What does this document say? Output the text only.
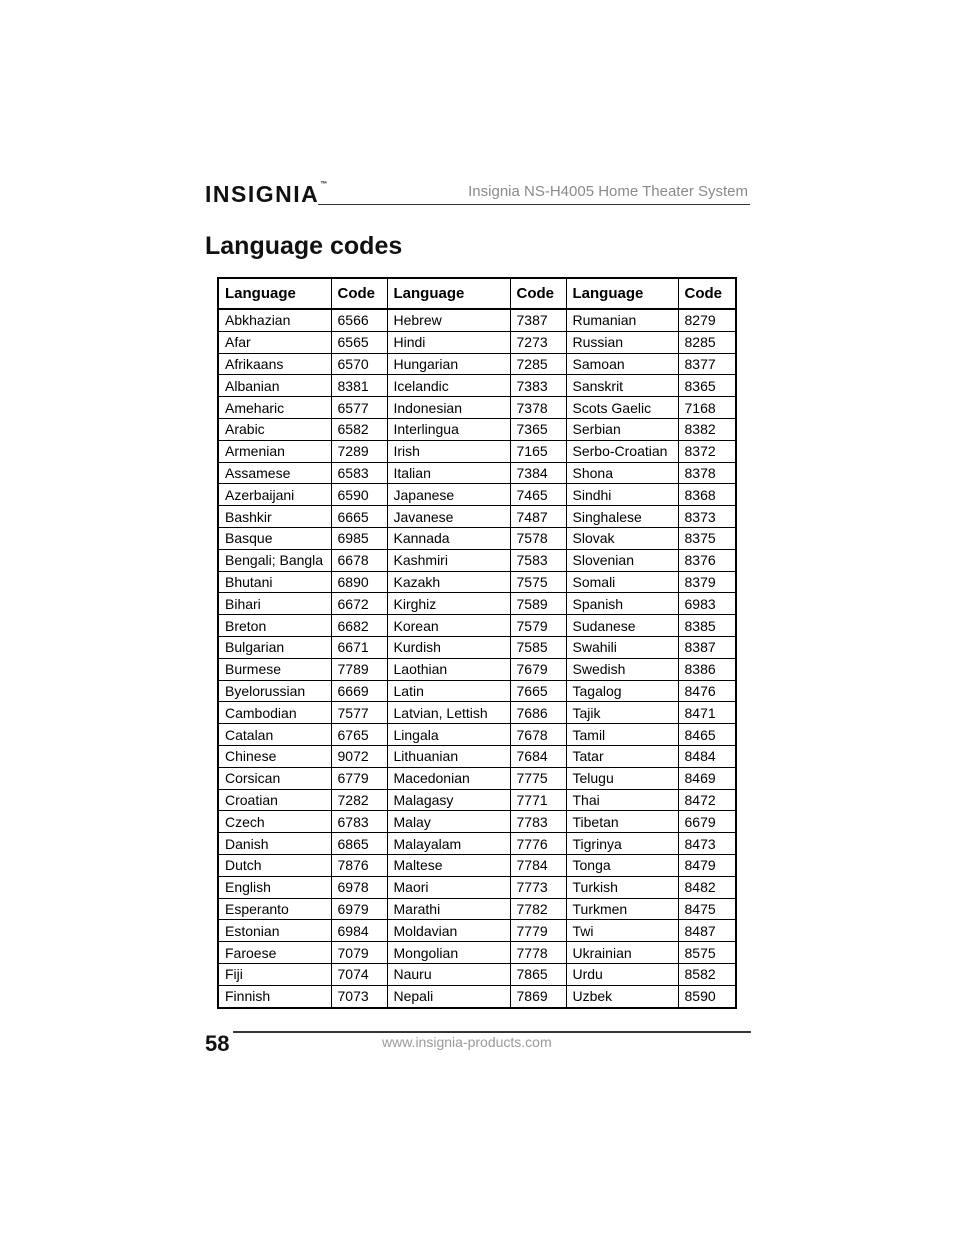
INSIGNIA™	Insignia NS-H4005 Home Theater System
Language codes
Language	Code	Language	Code	Language	Code
Abkhazian	6566	Hebrew	7387	Rumanian	8279
Afar	6565	Hindi	7273	Russian	8285
Afrikaans	6570	Hungarian	7285	Samoan	8377
Albanian	8381	Icelandic	7383	Sanskrit	8365
Ameharic	6577	Indonesian	7378	Scots Gaelic	7168
Arabic	6582	Interlingua	7365	Serbian	8382
Armenian	7289	Irish	7165	Serbo-Croatian	8372
Assamese	6583	Italian	7384	Shona	8378
Azerbaijani	6590	Japanese	7465	Sindhi	8368
Bashkir	6665	Javanese	7487	Singhalese	8373
Basque	6985	Kannada	7578	Slovak	8375
Bengali; Bangla	6678	Kashmiri	7583	Slovenian	8376
Bhutani	6890	Kazakh	7575	Somali	8379
Bihari	6672	Kirghiz	7589	Spanish	6983
Breton	6682	Korean	7579	Sudanese	8385
Bulgarian	6671	Kurdish	7585	Swahili	8387
Burmese	7789	Laothian	7679	Swedish	8386
Byelorussian	6669	Latin	7665	Tagalog	8476
Cambodian	7577	Latvian, Lettish	7686	Tajik	8471
Catalan	6765	Lingala	7678	Tamil	8465
Chinese	9072	Lithuanian	7684	Tatar	8484
Corsican	6779	Macedonian	7775	Telugu	8469
Croatian	7282	Malagasy	7771	Thai	8472
Czech	6783	Malay	7783	Tibetan	6679
Danish	6865	Malayalam	7776	Tigrinya	8473
Dutch	7876	Maltese	7784	Tonga	8479
English	6978	Maori	7773	Turkish	8482
Esperanto	6979	Marathi	7782	Turkmen	8475
Estonian	6984	Moldavian	7779	Twi	8487
Faroese	7079	Mongolian	7778	Ukrainian	8575
Fiji	7074	Nauru	7865	Urdu	8582
Finnish	7073	Nepali	7869	Uzbek	8590
58	www.insignia-products.com
